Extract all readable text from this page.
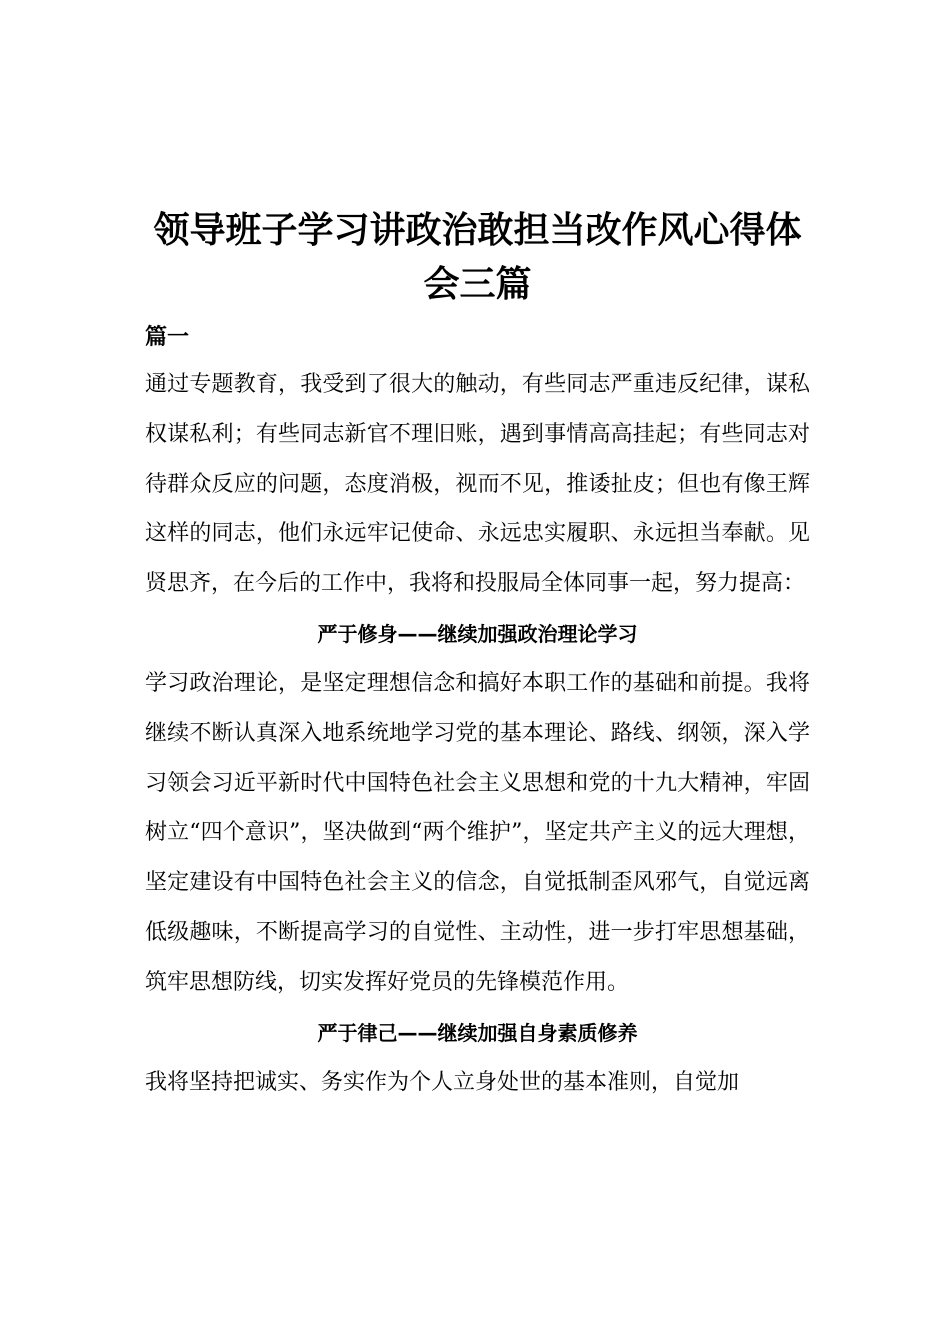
领导班子学习讲政治敢担当改作风心得体会三篇

篇一

通过专题教育，我受到了很大的触动，有些同志严重违反纪律，谋私权谋私利；有些同志新官不理旧账，遇到事情高高挂起；有些同志对待群众反应的问题，态度消极，视而不见，推诿扯皮；但也有像王辉这样的同志，他们永远牢记使命、永远忠实履职、永远担当奉献。见贤思齐，在今后的工作中，我将和投服局全体同事一起，努力提高：

严于修身——继续加强政治理论学习

学习政治理论，是坚定理想信念和搞好本职工作的基础和前提。我将继续不断认真深入地系统地学习党的基本理论、路线、纲领，深入学习领会习近平新时代中国特色社会主义思想和党的十九大精神，牢固树立“四个意识”，坚决做到“两个维护”，坚定共产主义的远大理想，坚定建设有中国特色社会主义的信念，自觉抵制歪风邪气，自觉远离低级趣味，不断提高学习的自觉性、主动性，进一步打牢思想基础，筑牢思想防线，切实发挥好党员的先锋模范作用。

严于律己——继续加强自身素质修养

我将坚持把诚实、务实作为个人立身处世的基本准则，自觉加
